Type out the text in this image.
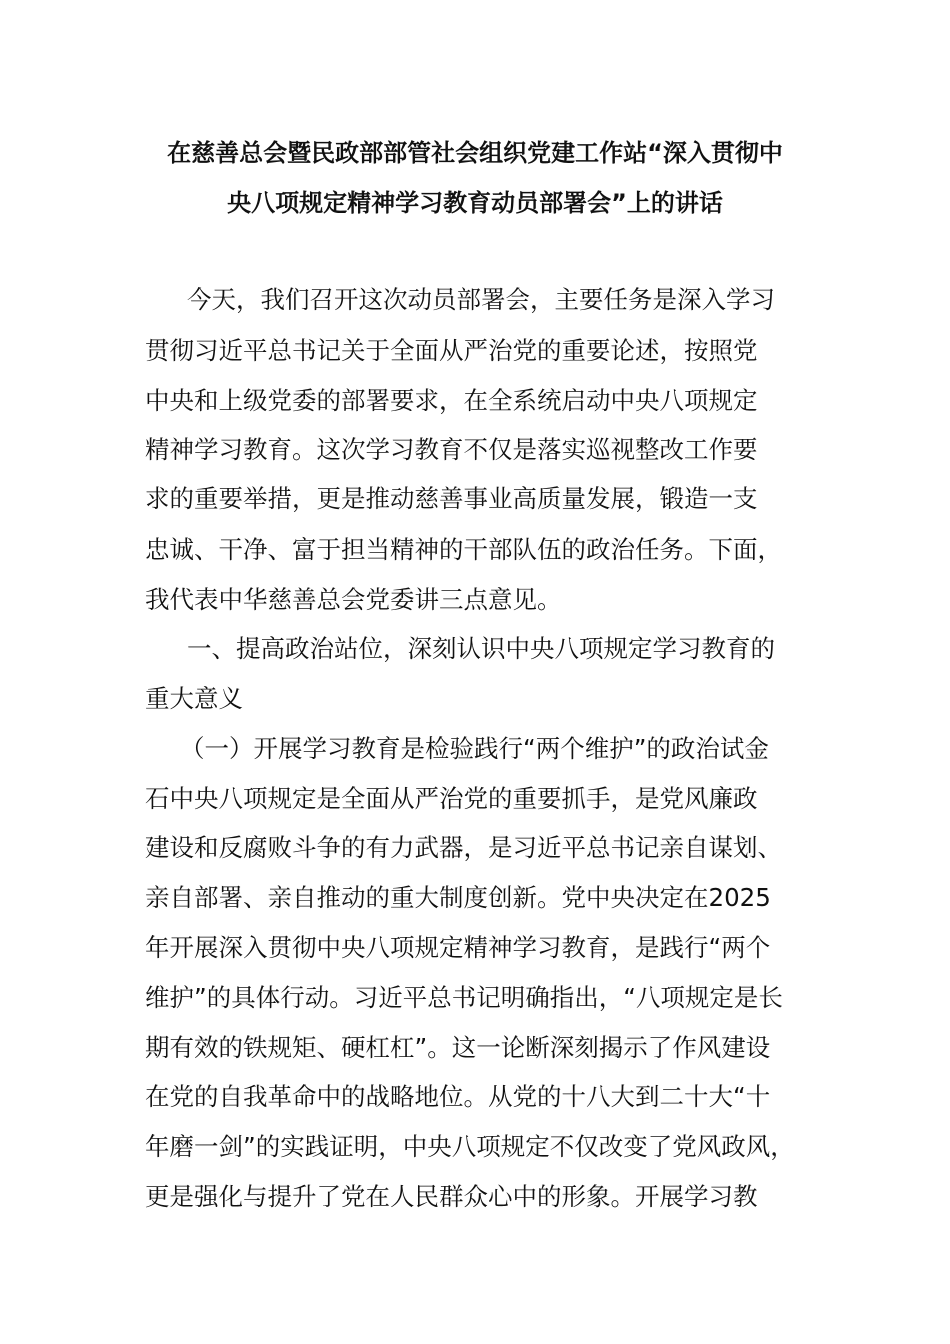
在慈善总会暨民政部部管社会组织党建工作站“深入贯彻中
央八项规定精神学习教育动员部署会”上的讲话

今天，我们召开这次动员部署会，主要任务是深入学习

贯彻习近平总书记关于全面从严治党的重要论述，按照党

中央和上级党委的部署要求，在全系统启动中央八项规定

精神学习教育。这次学习教育不仅是落实巡视整改工作要

求的重要举措，更是推动慈善事业高质量发展，锻造一支

忠诚、干净、富于担当精神的干部队伍的政治任务。下面，

我代表中华慈善总会党委讲三点意见。

一、提高政治站位，深刻认识中央八项规定学习教育的

重大意义

（一）开展学习教育是检验践行“两个维护”的政治试金

石中央八项规定是全面从严治党的重要抓手，是党风廉政

建设和反腐败斗争的有力武器，是习近平总书记亲自谋划、

亲自部署、亲自推动的重大制度创新。党中央决定在2025

年开展深入贯彻中央八项规定精神学习教育，是践行“两个

维护”的具体行动。习近平总书记明确指出，“八项规定是长

期有效的铁规矩、硬杠杠”。这一论断深刻揭示了作风建设

在党的自我革命中的战略地位。从党的十八大到二十大“十

年磨一剑”的实践证明，中央八项规定不仅改变了党风政风，

更是强化与提升了党在人民群众心中的形象。开展学习教
